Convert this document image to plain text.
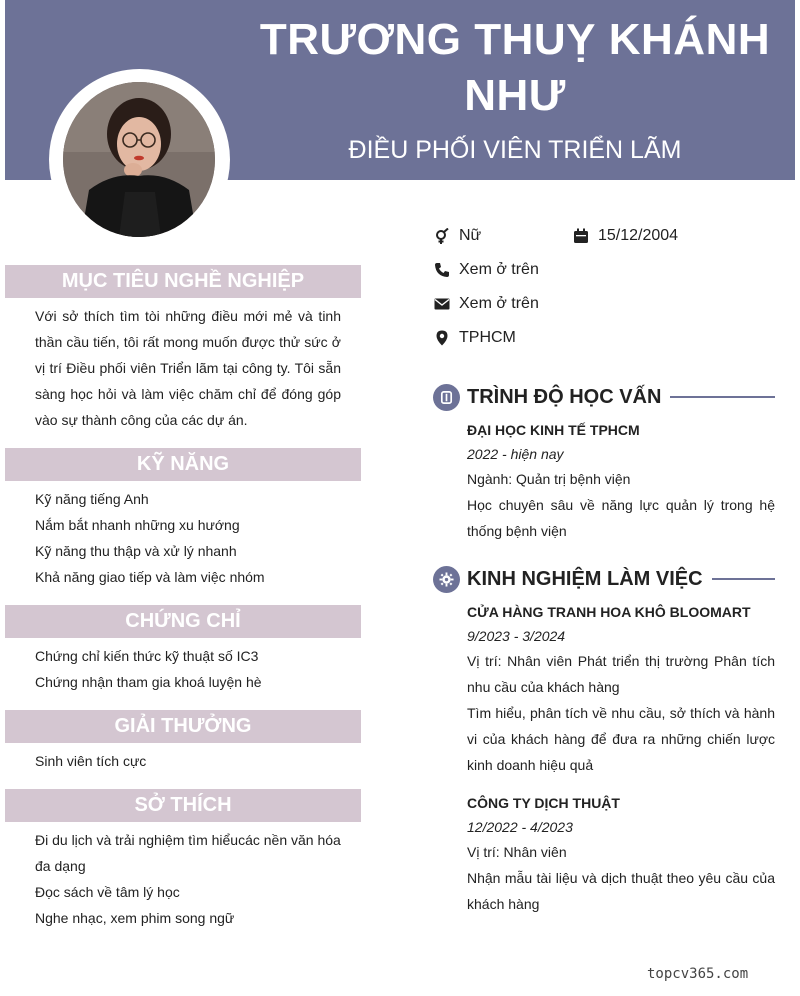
TRƯƠNG THUỴ KHÁNH
NHƯ
ĐIỀU PHỐI VIÊN TRIỂN LÃM
MỤC TIÊU NGHỀ NGHIỆP
Với sở thích tìm tòi những điều mới mẻ và tinh thần cầu tiến, tôi rất mong muốn được thử sức ở vị trí Điều phối viên Triển lãm tại công ty. Tôi sẵn sàng học hỏi và làm việc chăm chỉ để đóng góp vào sự thành công của các dự án.
KỸ NĂNG
Kỹ năng tiếng Anh
Nắm bắt nhanh những xu hướng
Kỹ năng thu thập và xử lý nhanh
Khả năng giao tiếp và làm việc nhóm
CHỨNG CHỈ
Chứng chỉ kiến thức kỹ thuật số IC3
Chứng nhận tham gia khoá luyện hè
GIẢI THƯỞNG
Sinh viên tích cực
SỞ THÍCH
Đi du lịch và trải nghiệm tìm hiểucác nền văn hóa đa dạng
Đọc sách về tâm lý học
Nghe nhạc, xem phim song ngữ
Nữ	15/12/2004
Xem ở trên
Xem ở trên
TPHCM
TRÌNH ĐỘ HỌC VẤN
ĐẠI HỌC KINH TẾ TPHCM
2022 - hiện nay
Ngành: Quản trị bệnh viện
Học chuyên sâu về năng lực quản lý trong hệ thống bệnh viện
KINH NGHIỆM LÀM VIỆC
CỬA HÀNG TRANH HOA KHÔ BLOOMART
9/2023 - 3/2024
Vị trí: Nhân viên Phát triển thị trường Phân tích nhu cầu của khách hàng
Tìm hiểu, phân tích về nhu cầu, sở thích và hành vi của khách hàng để đưa ra những chiến lược kinh doanh hiệu quả
CÔNG TY DỊCH THUẬT
12/2022 - 4/2023
Vị trí: Nhân viên
Nhận mẫu tài liệu và dịch thuật theo yêu cầu của khách hàng
topcv365.com
